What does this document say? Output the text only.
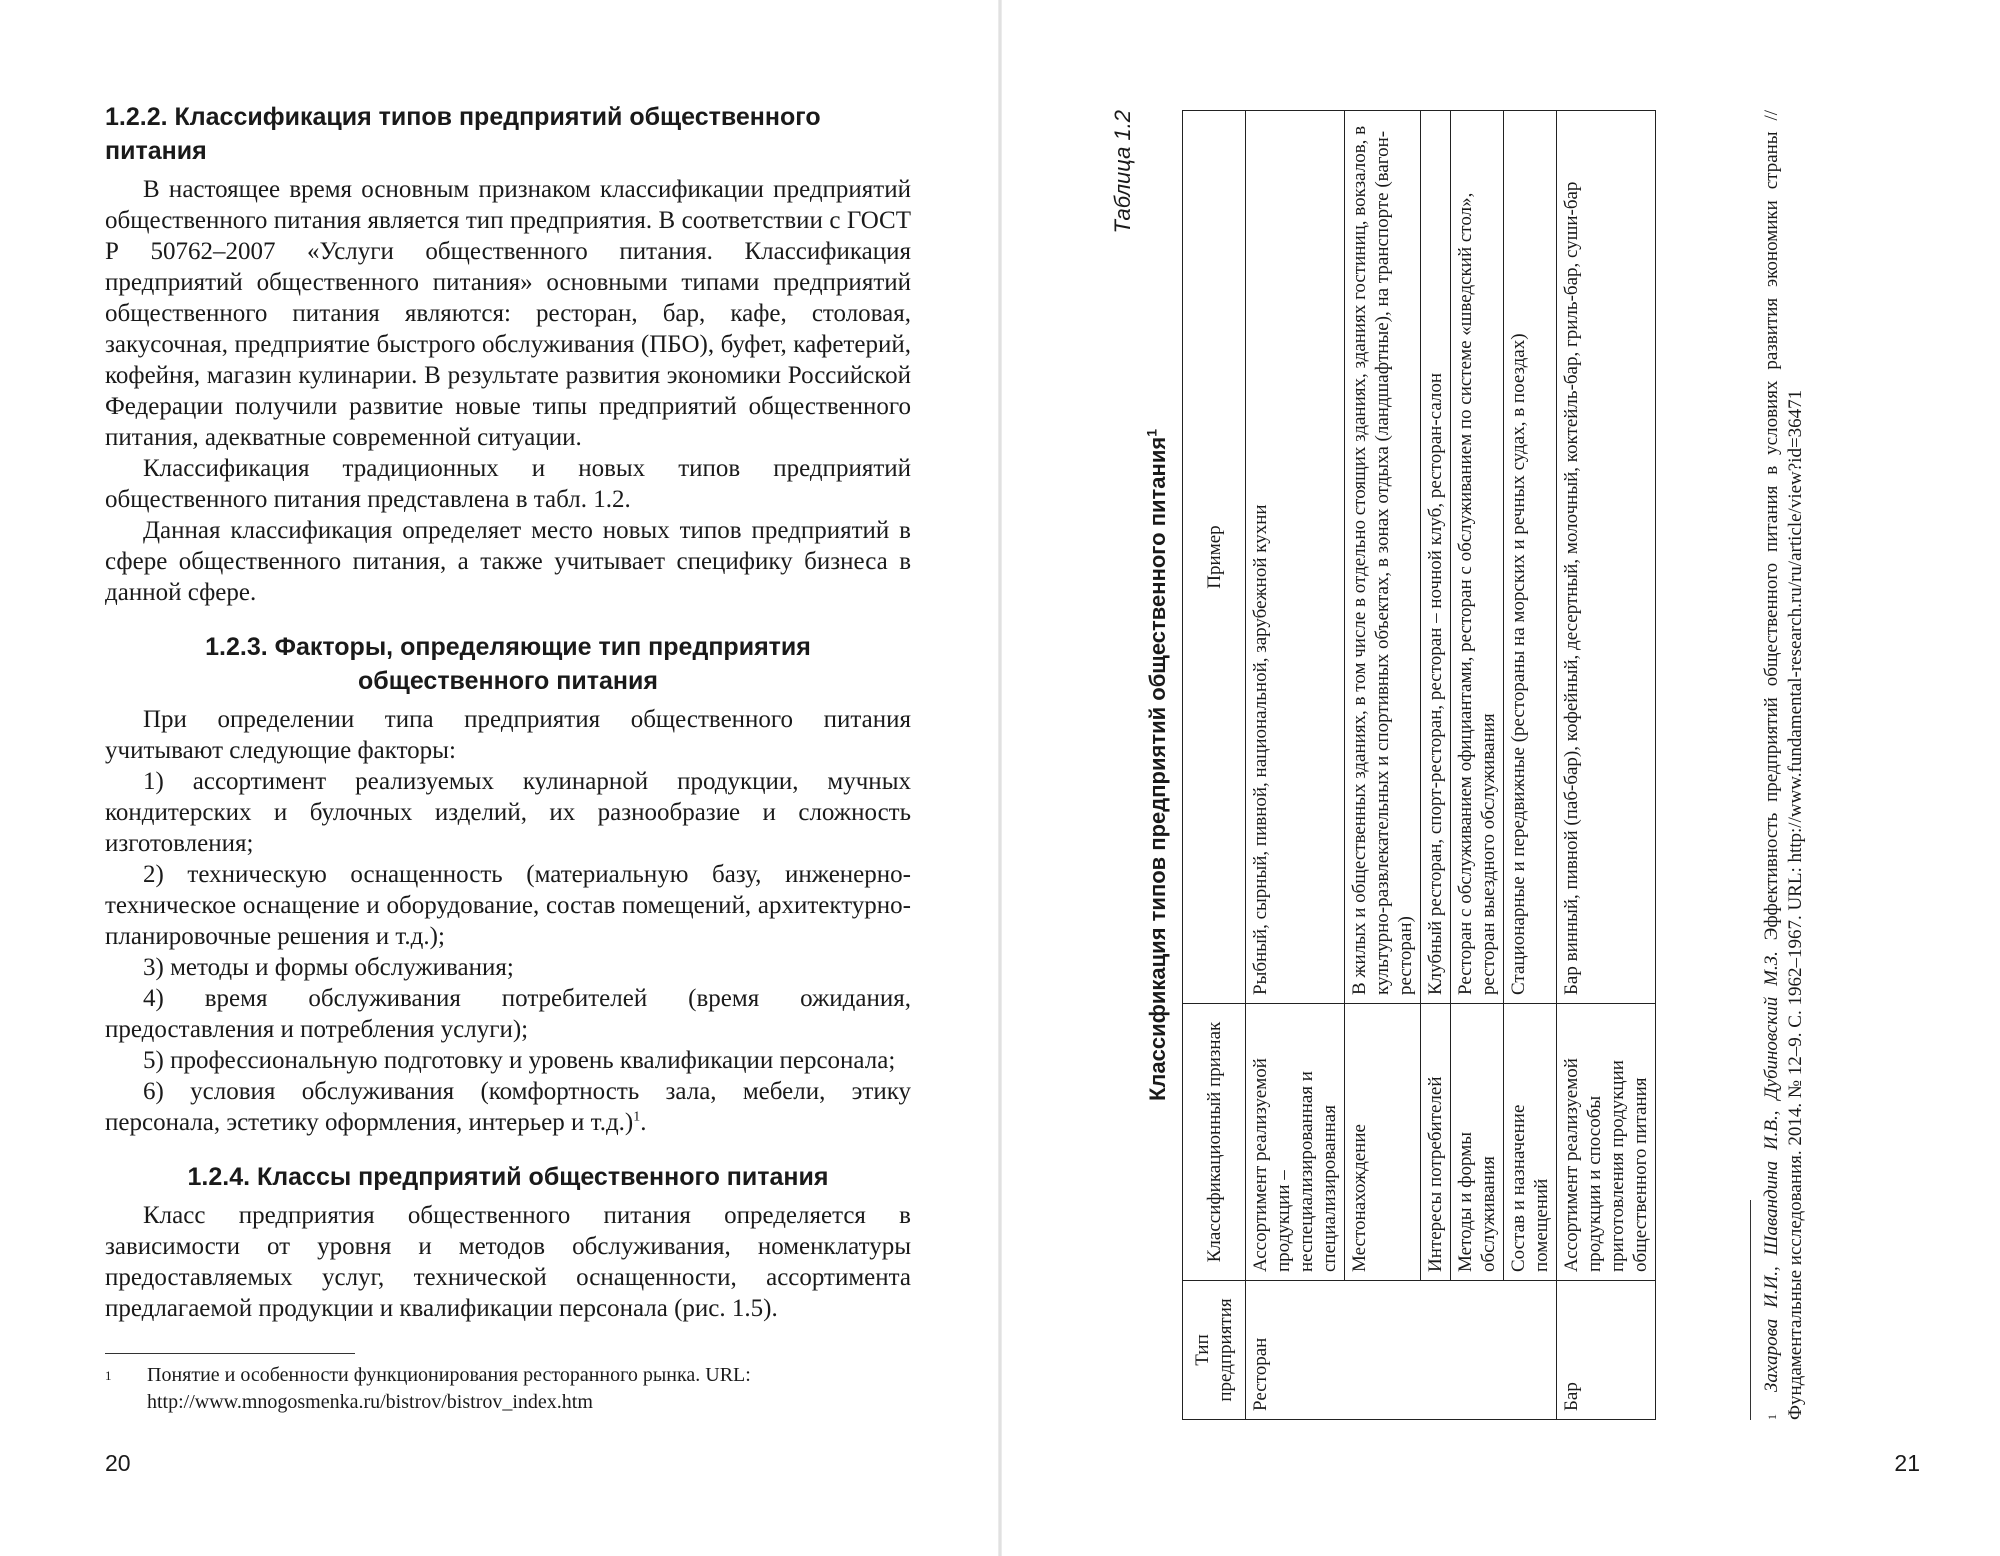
1.2.2. Классификация типов предприятий общественного питания

В настоящее время основным признаком классификации предприятий общественного питания является тип предприятия. В соответствии с ГОСТ Р 50762–2007 «Услуги общественного питания. Классификация предприятий общественного питания» основными типами предприятий общественного питания являются: ресторан, бар, кафе, столовая, закусочная, предприятие быстрого обслуживания (ПБО), буфет, кафетерий, кофейня, магазин кулинарии. В результате развития экономики Российской Федерации получили развитие новые типы предприятий общественного питания, адекватные современной ситуации.

Классификация традиционных и новых типов предприятий общественного питания представлена в табл. 1.2.

Данная классификация определяет место новых типов предприятий в сфере общественного питания, а также учитывает специфику бизнеса в данной сфере.

1.2.3. Факторы, определяющие тип предприятия
общественного питания

При определении типа предприятия общественного питания учитывают следующие факторы:

1) ассортимент реализуемых кулинарной продукции, мучных кондитерских и булочных изделий, их разнообразие и сложность изготовления;

2) техническую оснащенность (материальную базу, инженерно-техническое оснащение и оборудование, состав помещений, архитектурно-планировочные решения и т.д.);

3) методы и формы обслуживания;

4) время обслуживания потребителей (время ожидания, предоставления и потребления услуги);

5) профессиональную подготовку и уровень квалификации персонала;

6) условия обслуживания (комфортность зала, мебели, этику персонала, эстетику оформления, интерьер и т.д.)$^1$.

1.2.4. Классы предприятий общественного питания

Класс предприятия общественного питания определяется в зависимости от уровня и методов обслуживания, номенклатуры предоставляемых услуг, технической оснащенности, ассортимента предлагаемой продукции и квалификации персонала (рис. 1.5).

1 Понятие и особенности функционирования ресторанного рынка. URL:
http://www.mnogosmenka.ru/bistrov/bistrov_index.htm
20	21
Таблица 1.2
Классификация типов предприятий общественного питания$^1$
Тип предприятия	Классификационный признак	Пример
Ресторан	Ассортимент реализуемой продукции – неспециализированная и специализированная	Рыбный, сырный, пивной, национальной, зарубежной кухни
	Местонахождение	В жилых и общественных зданиях, в том числе в отдельно стоящих зданиях, зданиях гостиниц, вокзалов, в культурно-развлекательных и спортивных объектах, в зонах отдыха (ландшафтные), на транспорте (вагон-ресторан)
	Интересы потребителей	Клубный ресторан, спорт-ресторан, ресторан – ночной клуб, ресторан-салон
	Методы и формы обслуживания	Ресторан с обслуживанием официантами, ресторан с обслуживанием по системе «шведский стол», ресторан выездного обслуживания
	Состав и назначение помещений	Стационарные и передвижные (рестораны на морских и речных судах, в поездах)
Бар	Ассортимент реализуемой продукции и способы приготовления продукции общественного питания	Бар винный, пивной (паб-бар), кофейный, десертный, молочный, коктейль-бар, гриль-бар, суши-бар
$^1$Захарова И.И., Шавандина И.В., Дубиновский М.З. Эффективность предприятий общественного питания в условиях развития экономики страны // Фундаментальные исследования. 2014. № 12–9. С. 1962–1967. URL: http://www.fundamental-research.ru/ru/article/view?id=36471
